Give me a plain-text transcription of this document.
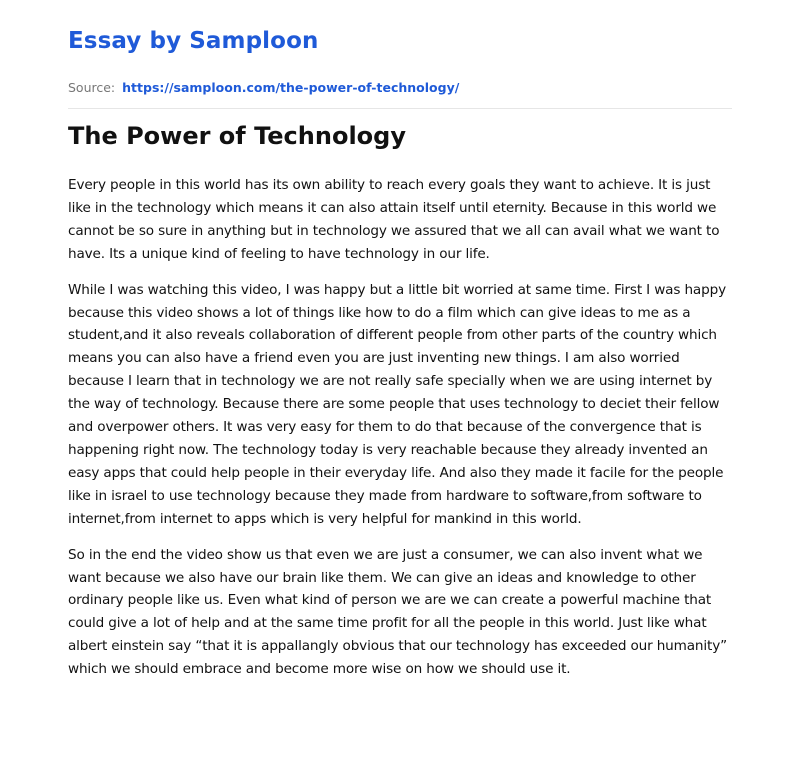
Essay by Samploon
Source: https://samploon.com/the-power-of-technology/
The Power of Technology

Every people in this world has its own ability to reach every goals they want to achieve. It is just like in the technology which means it can also attain itself until eternity. Because in this world we cannot be so sure in anything but in technology we assured that we all can avail what we want to have. Its a unique kind of feeling to have technology in our life.

While I was watching this video, I was happy but a little bit worried at same time. First I was happy because this video shows a lot of things like how to do a film which can give ideas to me as a student,and it also reveals collaboration of different people from other parts of the country which means you can also have a friend even you are just inventing new things. I am also worried because I learn that in technology we are not really safe specially when we are using internet by the way of technology. Because there are some people that uses technology to deciet their fellow and overpower others. It was very easy for them to do that because of the convergence that is happening right now. The technology today is very reachable because they already invented an easy apps that could help people in their everyday life. And also they made it facile for the people like in israel to use technology because they made from hardware to software,from software to internet,from internet to apps which is very helpful for mankind in this world.

So in the end the video show us that even we are just a consumer, we can also invent what we want because we also have our brain like them. We can give an ideas and knowledge to other ordinary people like us. Even what kind of person we are we can create a powerful machine that could give a lot of help and at the same time profit for all the people in this world. Just like what albert einstein say “that it is appallangly obvious that our technology has exceeded our humanity” which we should embrace and become more wise on how we should use it.
